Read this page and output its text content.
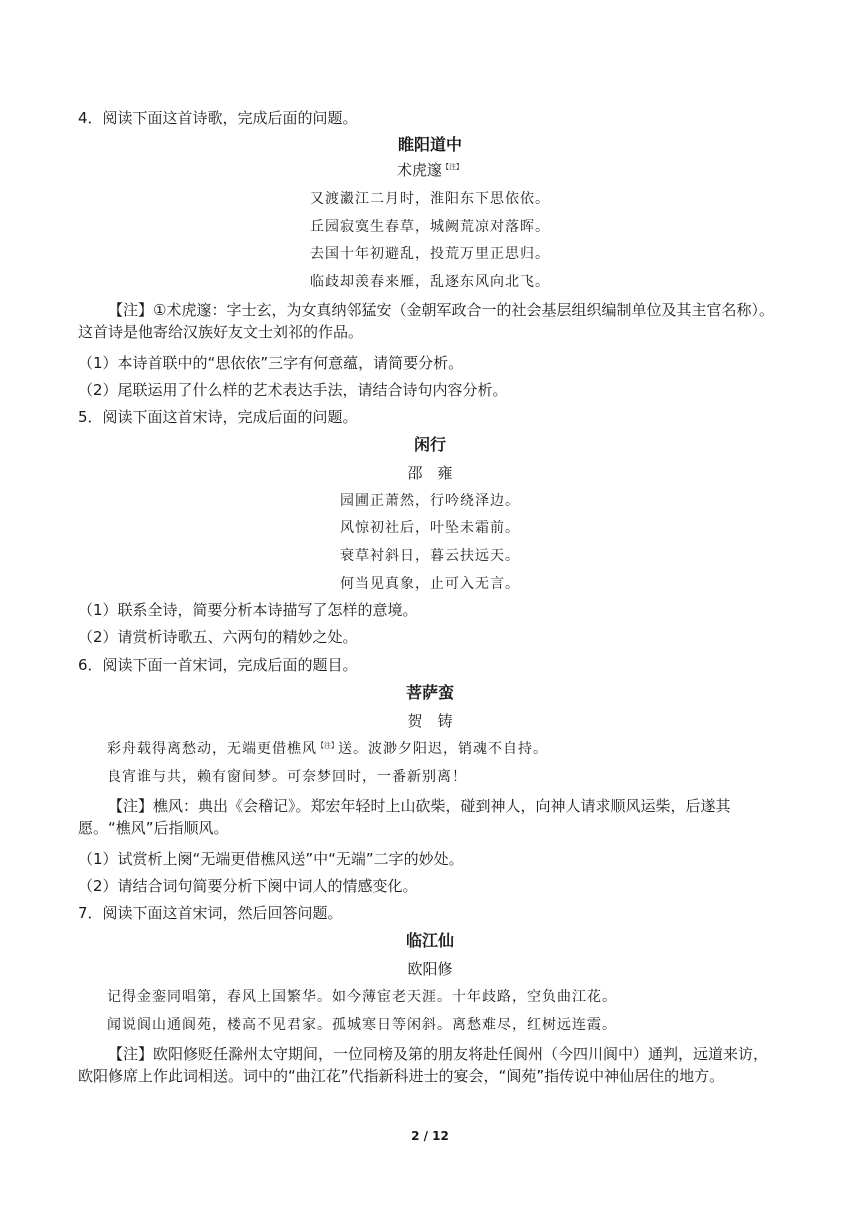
4．阅读下面这首诗歌，完成后面的问题。
睢阳道中
术虎邃$^{【注】}$
又渡瀫江二月时，淮阳东下思依依。
丘园寂寞生春草，城阙荒凉对落晖。
去国十年初避乱，投荒万里正思归。
临歧却羡春来雁，乱逐东风向北飞。
【注】①术虎邃：字士玄，为女真纳邻猛安（金朝军政合一的社会基层组织编制单位及其主官名称）。这首诗是他寄给汉族好友文士刘祁的作品。
（1）本诗首联中的“思依依”三字有何意蕴，请简要分析。
（2）尾联运用了什么样的艺术表达手法，请结合诗句内容分析。
5．阅读下面这首宋诗，完成后面的问题。
闲行
邵　雍
园圃正萧然，行吟绕泽边。
风惊初社后，叶坠未霜前。
衰草衬斜日，暮云扶远天。
何当见真象，止可入无言。
（1）联系全诗，简要分析本诗描写了怎样的意境。
（2）请赏析诗歌五、六两句的精妙之处。
6．阅读下面一首宋词，完成后面的题目。
菩萨蛮
贺　铸
彩舟载得离愁动，无端更借樵风$^{【注】}$送。波渺夕阳迟，销魂不自持。
良宵谁与共，赖有窗间梦。可奈梦回时，一番新别离！
【注】樵风：典出《会稽记》。郑宏年轻时上山砍柴，碰到神人，向神人请求顺风运柴，后遂其愿。“樵风”后指顺风。
（1）试赏析上阕“无端更借樵风送”中“无端”二字的妙处。
（2）请结合词句简要分析下阕中词人的情感变化。
7．阅读下面这首宋词，然后回答问题。
临江仙
欧阳修
记得金銮同唱第，春风上国繁华。如今薄宦老天涯。十年歧路，空负曲江花。
闻说阆山通阆苑，楼高不见君家。孤城寒日等闲斜。离愁难尽，红树远连霞。
【注】欧阳修贬任滁州太守期间，一位同榜及第的朋友将赴任阆州（今四川阆中）通判，远道来访，欧阳修席上作此词相送。词中的“曲江花”代指新科进士的宴会，“阆苑”指传说中神仙居住的地方。
2 / 12
